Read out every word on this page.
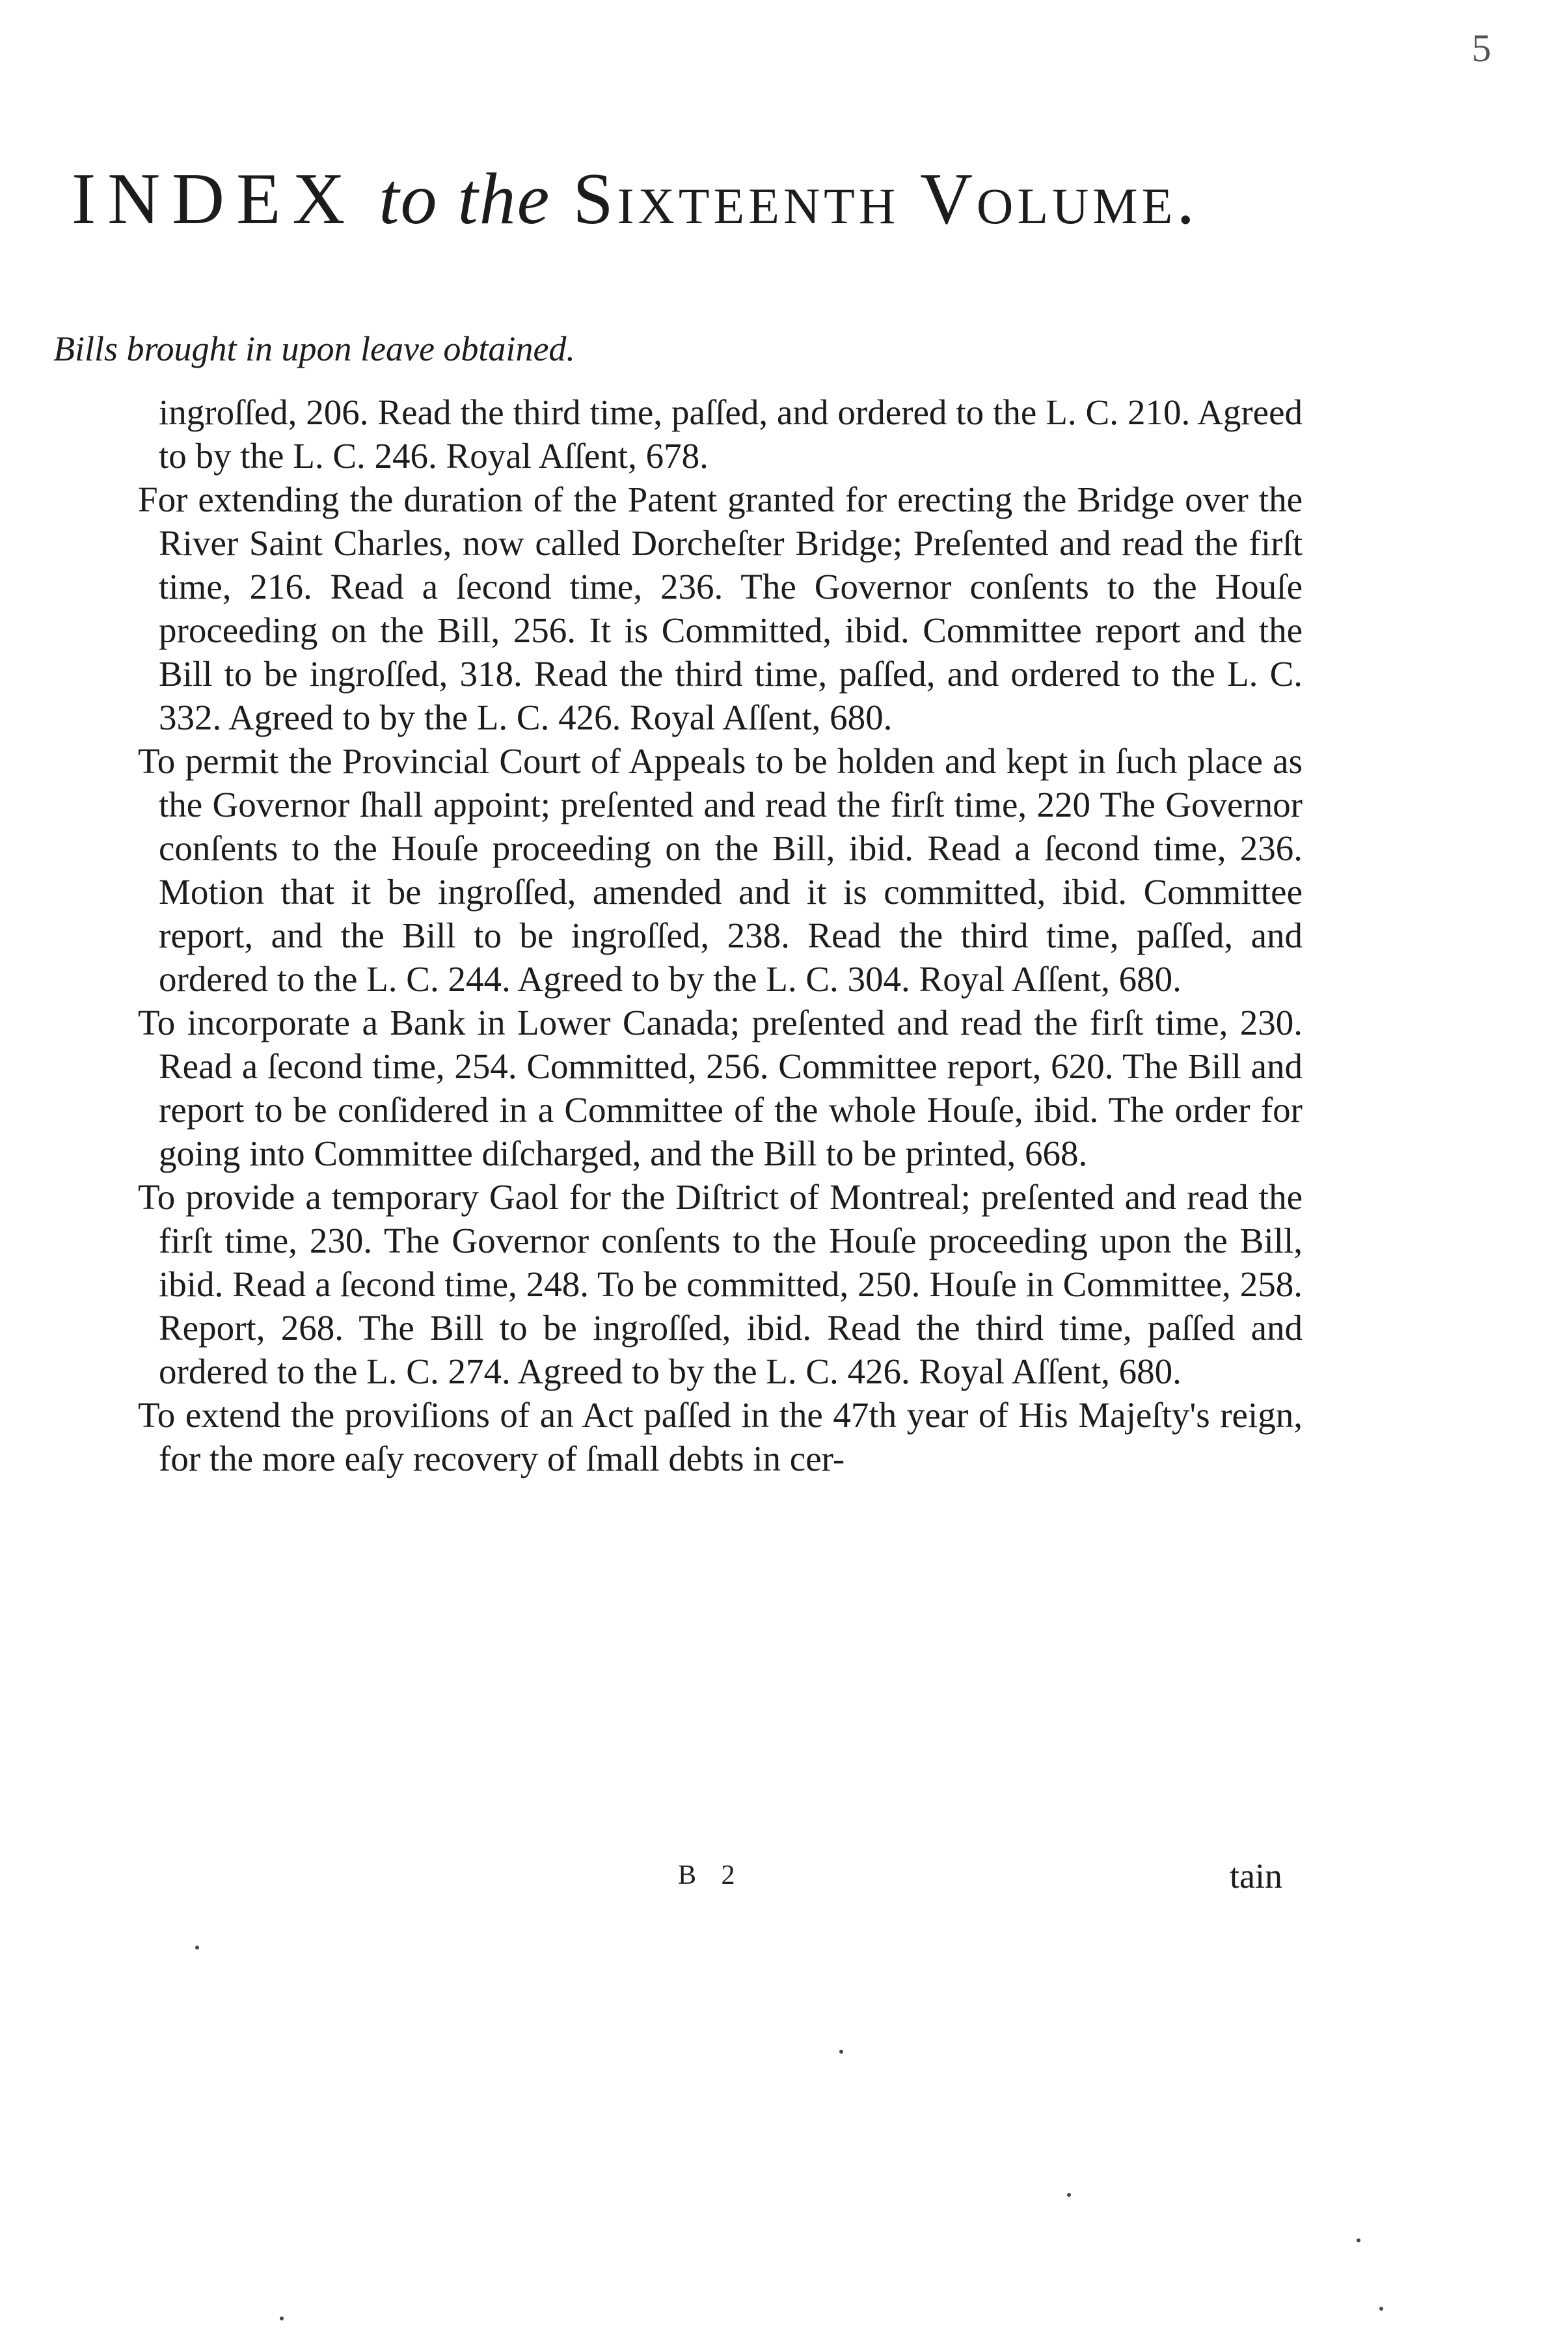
5
INDEX to the Sixteenth Volume.
Bills brought in upon leave obtained.

ingroſſed, 206. Read the third time, paſſed, and ordered to the L. C. 210. Agreed to by the L. C. 246. Royal Aſſent, 678.

For extending the duration of the Patent granted for erecting the Bridge over the River Saint Charles, now called Dorcheſter Bridge; Preſented and read the firſt time, 216. Read a ſecond time, 236. The Governor conſents to the Houſe proceeding on the Bill, 256. It is Committed, ibid. Committee report and the Bill to be ingroſſed, 318. Read the third time, paſſed, and ordered to the L. C. 332. Agreed to by the L. C. 426. Royal Aſſent, 680.

To permit the Provincial Court of Appeals to be holden and kept in ſuch place as the Governor ſhall appoint; preſented and read the firſt time, 220 The Governor conſents to the Houſe proceeding on the Bill, ibid. Read a ſecond time, 236. Motion that it be ingroſſed, amended and it is committed, ibid. Committee report, and the Bill to be ingroſſed, 238. Read the third time, paſſed, and ordered to the L. C. 244. Agreed to by the L. C. 304. Royal Aſſent, 680.

To incorporate a Bank in Lower Canada; preſented and read the firſt time, 230. Read a ſecond time, 254. Committed, 256. Committee report, 620. The Bill and report to be conſidered in a Committee of the whole Houſe, ibid. The order for going into Committee diſcharged, and the Bill to be printed, 668.

To provide a temporary Gaol for the Diſtrict of Montreal; preſented and read the firſt time, 230. The Governor conſents to the Houſe proceeding upon the Bill, ibid. Read a ſecond time, 248. To be committed, 250. Houſe in Committee, 258. Report, 268. The Bill to be ingroſſed, ibid. Read the third time, paſſed and ordered to the L. C. 274. Agreed to by the L. C. 426. Royal Aſſent, 680.

To extend the proviſions of an Act paſſed in the 47th year of His Majeſty's reign, for the more eaſy recovery of ſmall debts in cer-

B 2	tain
